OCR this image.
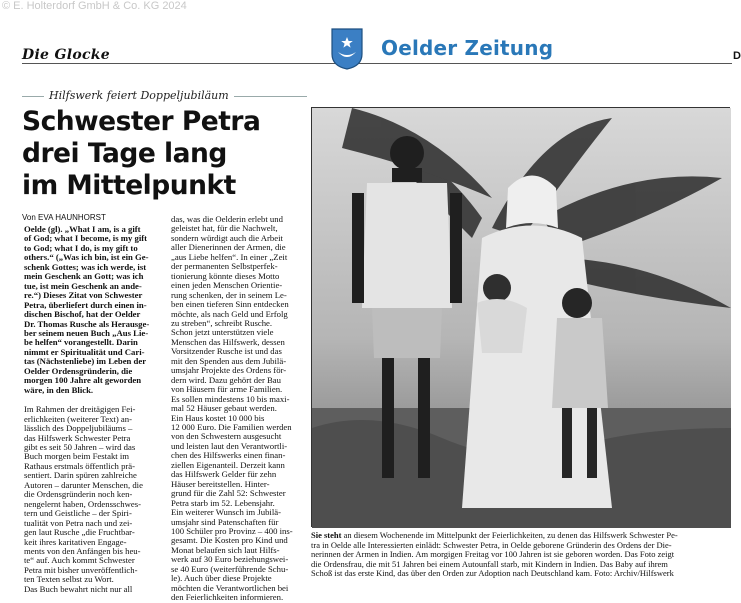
© E. Holterdorf GmbH & Co. KG 2024
Die Glocke	Oelder Zeitung	D
Hilfswerk feiert Doppeljubiläum
Schwester Petra
drei Tage lang
im Mittelpunkt
Von EVA HAUNHORST
Oelde (gl). „What I am, is a gift
of God; what I become, is my gift
to God; what I do, is my gift to
others.“ („Was ich bin, ist ein Ge-
schenk Gottes; was ich werde, ist
mein Geschenk an Gott; was ich
tue, ist mein Geschenk an ande-
re.“) Dieses Zitat von Schwester
Petra, überliefert durch einen in-
dischen Bischof, hat der Oelder
Dr. Thomas Rusche als Herausge-
ber seinem neuen Buch „Aus Lie-
be helfen“ vorangestellt. Darin
nimmt er Spiritualität und Cari-
tas (Nächstenliebe) im Leben der
Oelder Ordensgründerin, die
morgen 100 Jahre alt geworden
wäre, in den Blick.
Im Rahmen der dreitägigen Fei-
erlichkeiten (weiterer Text) an-
lässlich des Doppeljubiläums –
das Hilfswerk Schwester Petra
gibt es seit 50 Jahren – wird das
Buch morgen beim Festakt im
Rathaus erstmals öffentlich prä-
sentiert. Darin spüren zahlreiche
Autoren – darunter Menschen, die
die Ordensgründerin noch ken-
nengelernt haben, Ordensschwes-
tern und Geistliche – der Spiri-
tualität von Petra nach und zei-
gen laut Rusche „die Fruchtbar-
keit ihres karitativen Engage-
ments von den Anfängen bis heu-
te“ auf. Auch kommt Schwester
Petra mit bisher unveröffentlich-
ten Texten selbst zu Wort.
Das Buch bewahrt nicht nur all
das, was die Oelderin erlebt und
geleistet hat, für die Nachwelt,
sondern würdigt auch die Arbeit
aller Dienerinnen der Armen, die
„aus Liebe helfen“. In einer „Zeit
der permanenten Selbstperfek-
tionierung könnte dieses Motto
einen jeden Menschen Orientie-
rung schenken, der in seinem Le-
ben einen tieferen Sinn entdecken
möchte, als nach Geld und Erfolg
zu streben“, schreibt Rusche.
Schon jetzt unterstützen viele
Menschen das Hilfswerk, dessen
Vorsitzender Rusche ist und das
mit den Spenden aus dem Jubilä-
umsjahr Projekte des Ordens för-
dern wird. Dazu gehört der Bau
von Häusern für arme Familien.
Es sollen mindestens 10 bis maxi-
mal 52 Häuser gebaut werden.
Ein Haus kostet 10 000 bis
12 000 Euro. Die Familien werden
von den Schwestern ausgesucht
und leisten laut den Verantwortli-
chen des Hilfswerks einen finan-
ziellen Eigenanteil. Derzeit kann
das Hilfswerk Gelder für zehn
Häuser bereitstellen. Hinter-
grund für die Zahl 52: Schwester
Petra starb im 52. Lebensjahr.
Ein weiterer Wunsch im Jubilä-
umsjahr sind Patenschaften für
100 Schüler pro Provinz – 400 ins-
gesamt. Die Kosten pro Kind und
Monat belaufen sich laut Hilfs-
werk auf 30 Euro beziehungswei-
se 40 Euro (weiterführende Schu-
le). Auch über diese Projekte
möchten die Verantwortlichen bei
den Feierlichkeiten informieren.
Sie steht an diesem Wochenende im Mittelpunkt der Feierlichkeiten, zu denen das Hilfswerk Schwester Pe-
tra in Oelde alle Interessierten einlädt: Schwester Petra, in Oelde geborene Gründerin des Ordens der Die-
nerinnen der Armen in Indien. Am morgigen Freitag vor 100 Jahren ist sie geboren worden. Das Foto zeigt
die Ordensfrau, die mit 51 Jahren bei einem Autounfall starb, mit Kindern in Indien. Das Baby auf ihrem
Schoß ist das erste Kind, das über den Orden zur Adoption nach Deutschland kam. Foto: Archiv/Hilfswerk
